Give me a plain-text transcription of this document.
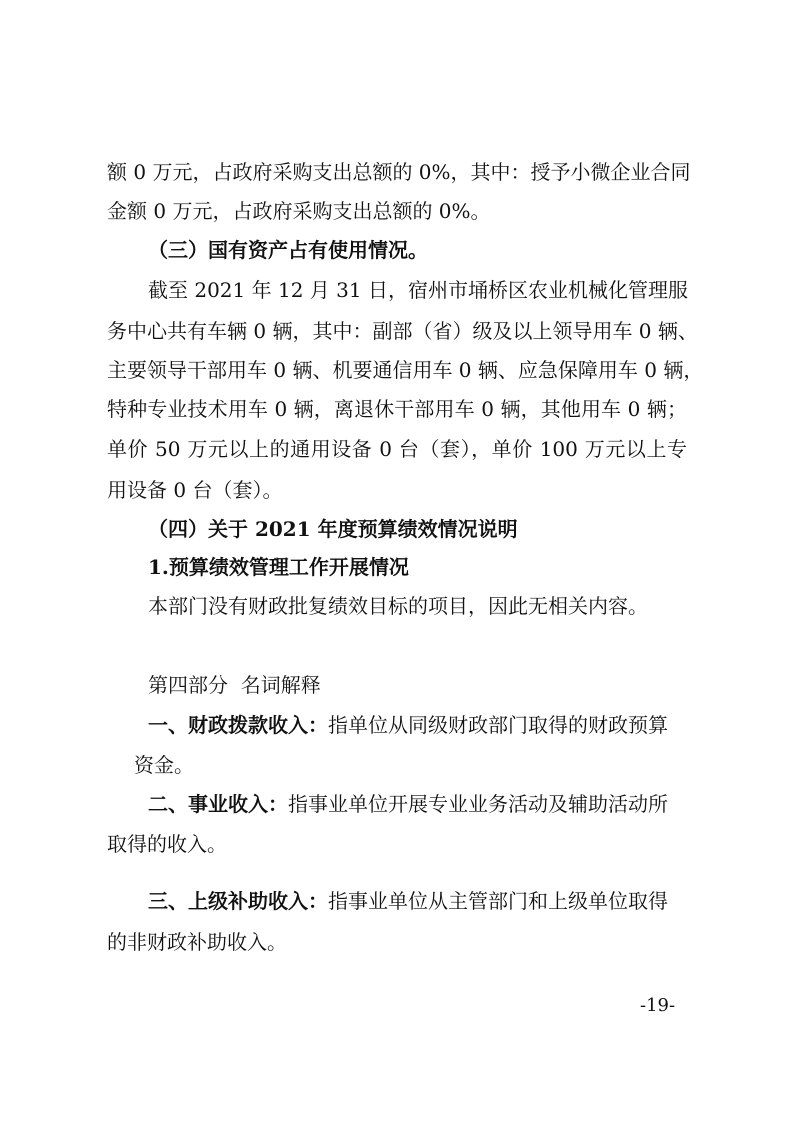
额 0 万元，占政府采购支出总额的 0%，其中：授予小微企业合同
金额 0 万元，占政府采购支出总额的 0%。
（三）国有资产占有使用情况。
截至 2021 年 12 月 31 日，宿州市埇桥区农业机械化管理服
务中心共有车辆 0 辆，其中：副部（省）级及以上领导用车 0 辆、
主要领导干部用车 0 辆、机要通信用车 0 辆、应急保障用车 0 辆，
特种专业技术用车 0 辆，离退休干部用车 0 辆，其他用车 0 辆；
单价 50 万元以上的通用设备 0 台（套），单价 100 万元以上专
用设备 0 台（套）。
（四）关于 2021 年度预算绩效情况说明
1.预算绩效管理工作开展情况
本部门没有财政批复绩效目标的项目，因此无相关内容。
第四部分  名词解释
一、财政拨款收入：指单位从同级财政部门取得的财政预算
资金。
二、事业收入：指事业单位开展专业业务活动及辅助活动所
取得的收入。
三、上级补助收入：指事业单位从主管部门和上级单位取得
的非财政补助收入。
-19-
